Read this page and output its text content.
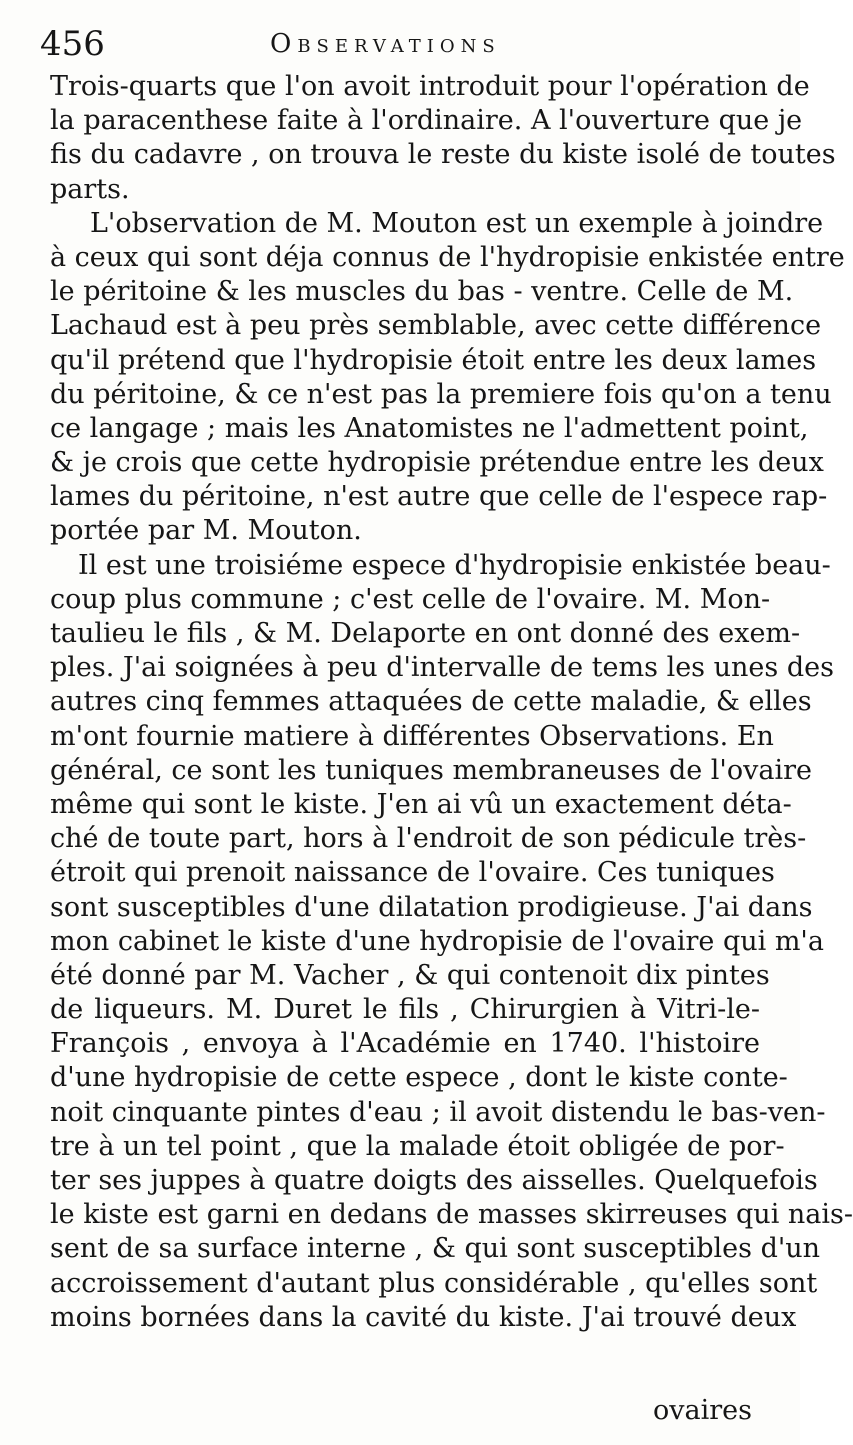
456	Observations
Trois-quarts que l'on avoit introduit pour l'opération de
la paracenthese faite à l'ordinaire. A l'ouverture que je
fis du cadavre , on trouva le reste du kiste isolé de toutes
parts.
L'observation de M. Mouton est un exemple à joindre
à ceux qui sont déja connus de l'hydropisie enkistée entre
le péritoine & les muscles du bas - ventre. Celle de M.
Lachaud est à peu près semblable, avec cette différence
qu'il prétend que l'hydropisie étoit entre les deux lames
du péritoine, & ce n'est pas la premiere fois qu'on a tenu
ce langage ; mais les Anatomistes ne l'admettent point,
& je crois que cette hydropisie prétendue entre les deux
lames du péritoine, n'est autre que celle de l'espece rap-
portée par M. Mouton.
Il est une troisiéme espece d'hydropisie enkistée beau-
coup plus commune ; c'est celle de l'ovaire. M. Mon-
taulieu le fils , & M. Delaporte en ont donné des exem-
ples. J'ai soignées à peu d'intervalle de tems les unes des
autres cinq femmes attaquées de cette maladie, & elles
m'ont fournie matiere à différentes Observations. En
général, ce sont les tuniques membraneuses de l'ovaire
même qui sont le kiste. J'en ai vû un exactement déta-
ché de toute part, hors à l'endroit de son pédicule très-
étroit qui prenoit naissance de l'ovaire. Ces tuniques
sont susceptibles d'une dilatation prodigieuse. J'ai dans
mon cabinet le kiste d'une hydropisie de l'ovaire qui m'a
été donné par M. Vacher , & qui contenoit dix pintes
de liqueurs. M. Duret le fils , Chirurgien à Vitri-le-
François , envoya à l'Académie en 1740. l'histoire
d'une hydropisie de cette espece , dont le kiste conte-
noit cinquante pintes d'eau ; il avoit distendu le bas-ven-
tre à un tel point , que la malade étoit obligée de por-
ter ses juppes à quatre doigts des aisselles. Quelquefois
le kiste est garni en dedans de masses skirreuses qui nais-
sent de sa surface interne , & qui sont susceptibles d'un
accroissement d'autant plus considérable , qu'elles sont
moins bornées dans la cavité du kiste. J'ai trouvé deux
ovaires
